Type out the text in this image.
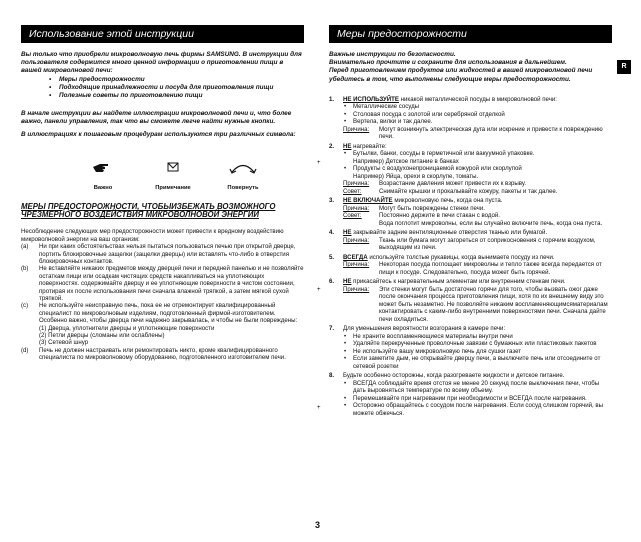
Использование этой инструкции
Вы только что приобрели микроволновую печь фирмы SAMSUNG. В инструкции для пользователя содержится много ценной информации о приготовлении пищи в вашей микроволновой печи:
• Меры предосторожности
• Подходящие принадлежности и посуда для приготовления пищи
• Полезные советы по приготовлению пищи
В начале инструкции вы найдете иллюстрации микроволновой печи и, что более важно, панели управления, так что вы сможете легче найти нужные кнопки.
В иллюстрациях к пошаговым процедурам используются три различных символа:
Важно	Примечание	Повернуть
МЕРЫ ПРЕДОСТОРОЖНОСТИ, ЧТОБЫИЗБЕЖАТЬ ВОЗМОЖНОГО ЧРЕЗМЕРНОГО ВОЗДЕЙСТВИЯ МИКРОВОЛНОВОЙ ЭНЕРГИИ
Несоблюдение следующих мер предосторожности может привести к вредному воздействию микроволновой энергии на ваш организм:
(a) Ни при каких обстоятельствах нельзя пытаться пользоваться печью при открытой дверце, портить блокировочные защелки (защелки дверцы) или вставлять что-либо в отверстия блокировочных контактов.
(b) Не вставляйте никаких предметов между дверцей печи и передней панелью и не позволяйте остаткам пищи или осадкам чистящих средств накапливаться на уплотняющих поверхностях. содержимайте дверцу и ее уплотняющие поверхности в чистом состоянии, протирая их после использования печи сначала влажной тряпкой, а затем мягкой сухой тряпкой.
(c) Не используйте неисправную печь, пока ее не отремонтирует квалифицированный специалист по микроволновым изделиям, подготовленный фирмой-изготовителем.
Особенно важно, чтобы дверца печи надежно закрывалась, и чтобы не были повреждены:
(1) Дверца, уплотнители дверцы и уплотняющие поверхности
(2) Петли дверцы (сломаны или ослаблены)
(3) Сетевой шнур
(d) Печь не должен настраивать или ремонтировать никто, кроме квалифицированного специалиста по микроволновому оборудованию, подготовленного изготовителем печи.
Меры предосторожности
Важные инструкции по безопасности.
Внимательно прочтите и сохраните для использования в дальнейшем.
Перед приготовлением продуктов или жидкостей в вашей микроволновой печи убедитесь в том, что выполнены следующие меры предосторожности.
1. НЕ ИСПОЛЬЗУЙТЕ никакой металлической посуды в микроволновой печи:
• Металлические сосуды
• Столовая посуда с золотой или серебряной отделкой
• Вертела, вилки и так далее.
Причина:	Могут возникнуть электрическая дуга или искрение и привести к повреждению печи.
2. НЕ нагревайте:
• Бутылки, банки, сосуды в герметичной или вакуумной упаковке.
Например) Детское питание в банках
• Продукты с воздухонепроницаемой кожурой или скорлупой
Например) Яйца, орехи в скорлупе, томаты.
Причина:	Возрастание давления может привести их к взрыву.
Совет:	Снимайте крышки и прокалывайте кожуру, пакеты и так далее.
3. НЕ ВКЛЮЧАЙТЕ микроволновую печь, когда она пуста.
Причина:	Могут быть повреждены стенки печи.
Совет:	Постоянно держите в печи стакан с водой.
Вода поглотит микроволны, если вы случайно включите печь, когда она пуста.
4. НЕ закрывайте задние вентиляционные отверстия тканью или бумагой.
Причина:	Ткань или бумага могут загореться от соприкосновения с горячим воздухом, выходящим из печи.
5. ВСЕГДА используйте толстые рукавицы, когда вынимаете посуду из печи.
Причина:	Некоторая посуда поглощает микроволны и тепло также всегда передается от пищи к посуде. Следовательно, посуда может быть горячей.
6. НЕ прикасайтесь к нагревательным элементам или внутренним стенкам печи.
Причина:	Эти стенки могут быть достаточно горячи для того, чтобы вызвать ожог даже после окончания процесса приготовления пищи, хотя по их внешнему виду это может быть незаметно. Не позволяйте никаким воспламеняющимсяматериалам контактировать с каким-либо внутренними поверхностями печи. Сначала дайте печи охладиться.
7. Для уменьшения вероятности возгорания в камере печи:
• Не храните воспламеняющиеся материалы внутри печи
• Удаляйте перекрученные проволочные завязки с бумажных или пластиковых пакетов
• Не используйте вашу микроволновую печь для сушки газет
• Если заметите дым, не открывайте дверцу печи, а выключите печь или отсоедините от сетевой розетки
8. Будьте особенно осторожны, когда разогреваете жидкости и детское питание.
• ВСЕГДА соблюдайте время отстоя не менее 20 секунд после выключения печи, чтобы дать выровняться температуре по всему объему.
• Перемешивайте при нагревании при необходимости и ВСЕГДА после нагревания.
• Осторожно обращайтесь с сосудом после нагревания. Если сосуд слишком горячий, вы можете обжечься.
R
+
+
+
3
